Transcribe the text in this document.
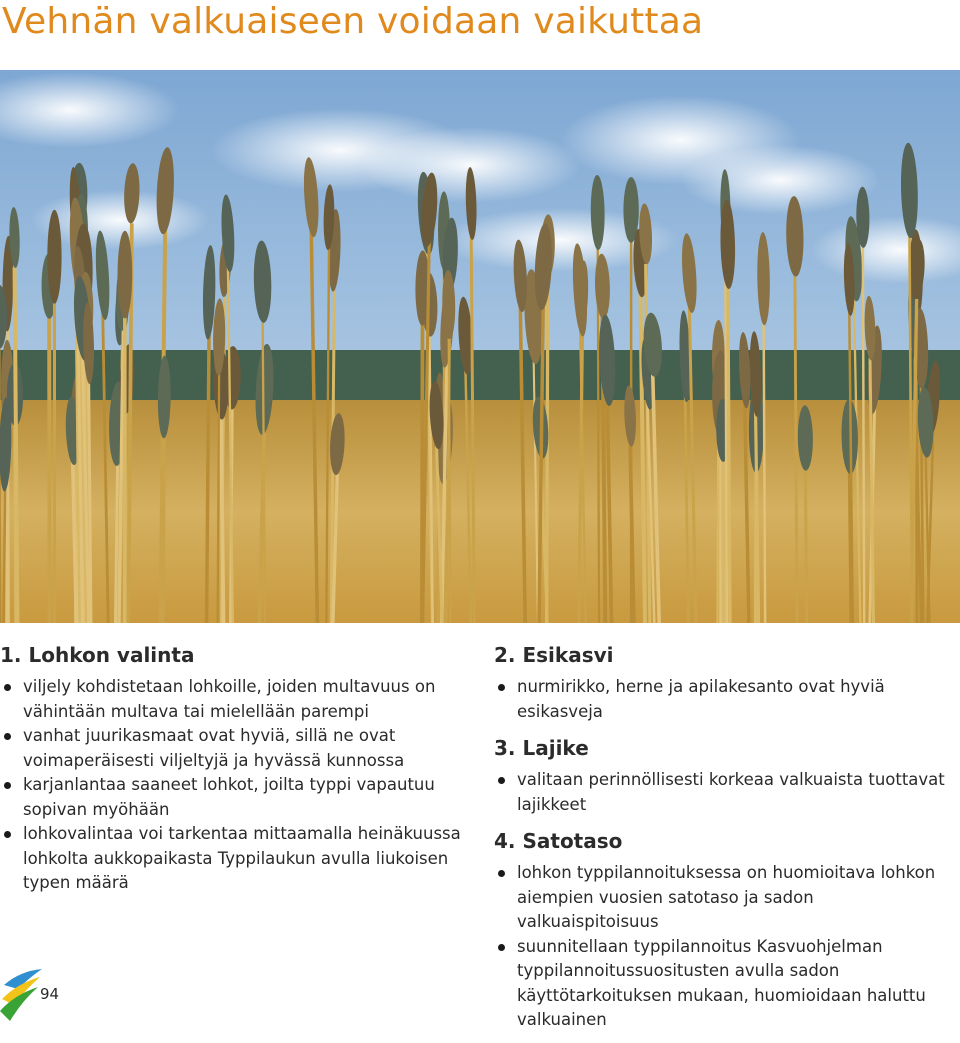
Vehnän valkuaiseen voidaan vaikuttaa
1. Lohkon valinta
viljely kohdistetaan lohkoille, joiden multavuus on vähintään multava tai mielellään parempi
vanhat juurikasmaat ovat hyviä, sillä ne ovat voimaperäisesti viljeltyjä ja hyvässä kunnossa
karjanlantaa saaneet lohkot, joilta typpi vapautuu sopivan myöhään
lohkovalintaa voi tarkentaa mittaamalla heinäkuussa lohkolta aukkopaikasta Typpilaukun avulla liukoisen typen määrä
2. Esikasvi
nurmirikko, herne ja apilakesanto ovat hyviä esikasveja
3. Lajike
valitaan perinnöllisesti korkeaa valkuaista tuottavat lajikkeet
4. Satotaso
lohkon typpilannoituksessa on huomioitava lohkon aiempien vuosien satotaso ja sadon valkuaispitoisuus
suunnitellaan typpilannoitus Kasvuohjelman typpilannoitussuositusten avulla sadon käyttötarkoituksen mukaan, huomioidaan haluttu valkuainen
94
